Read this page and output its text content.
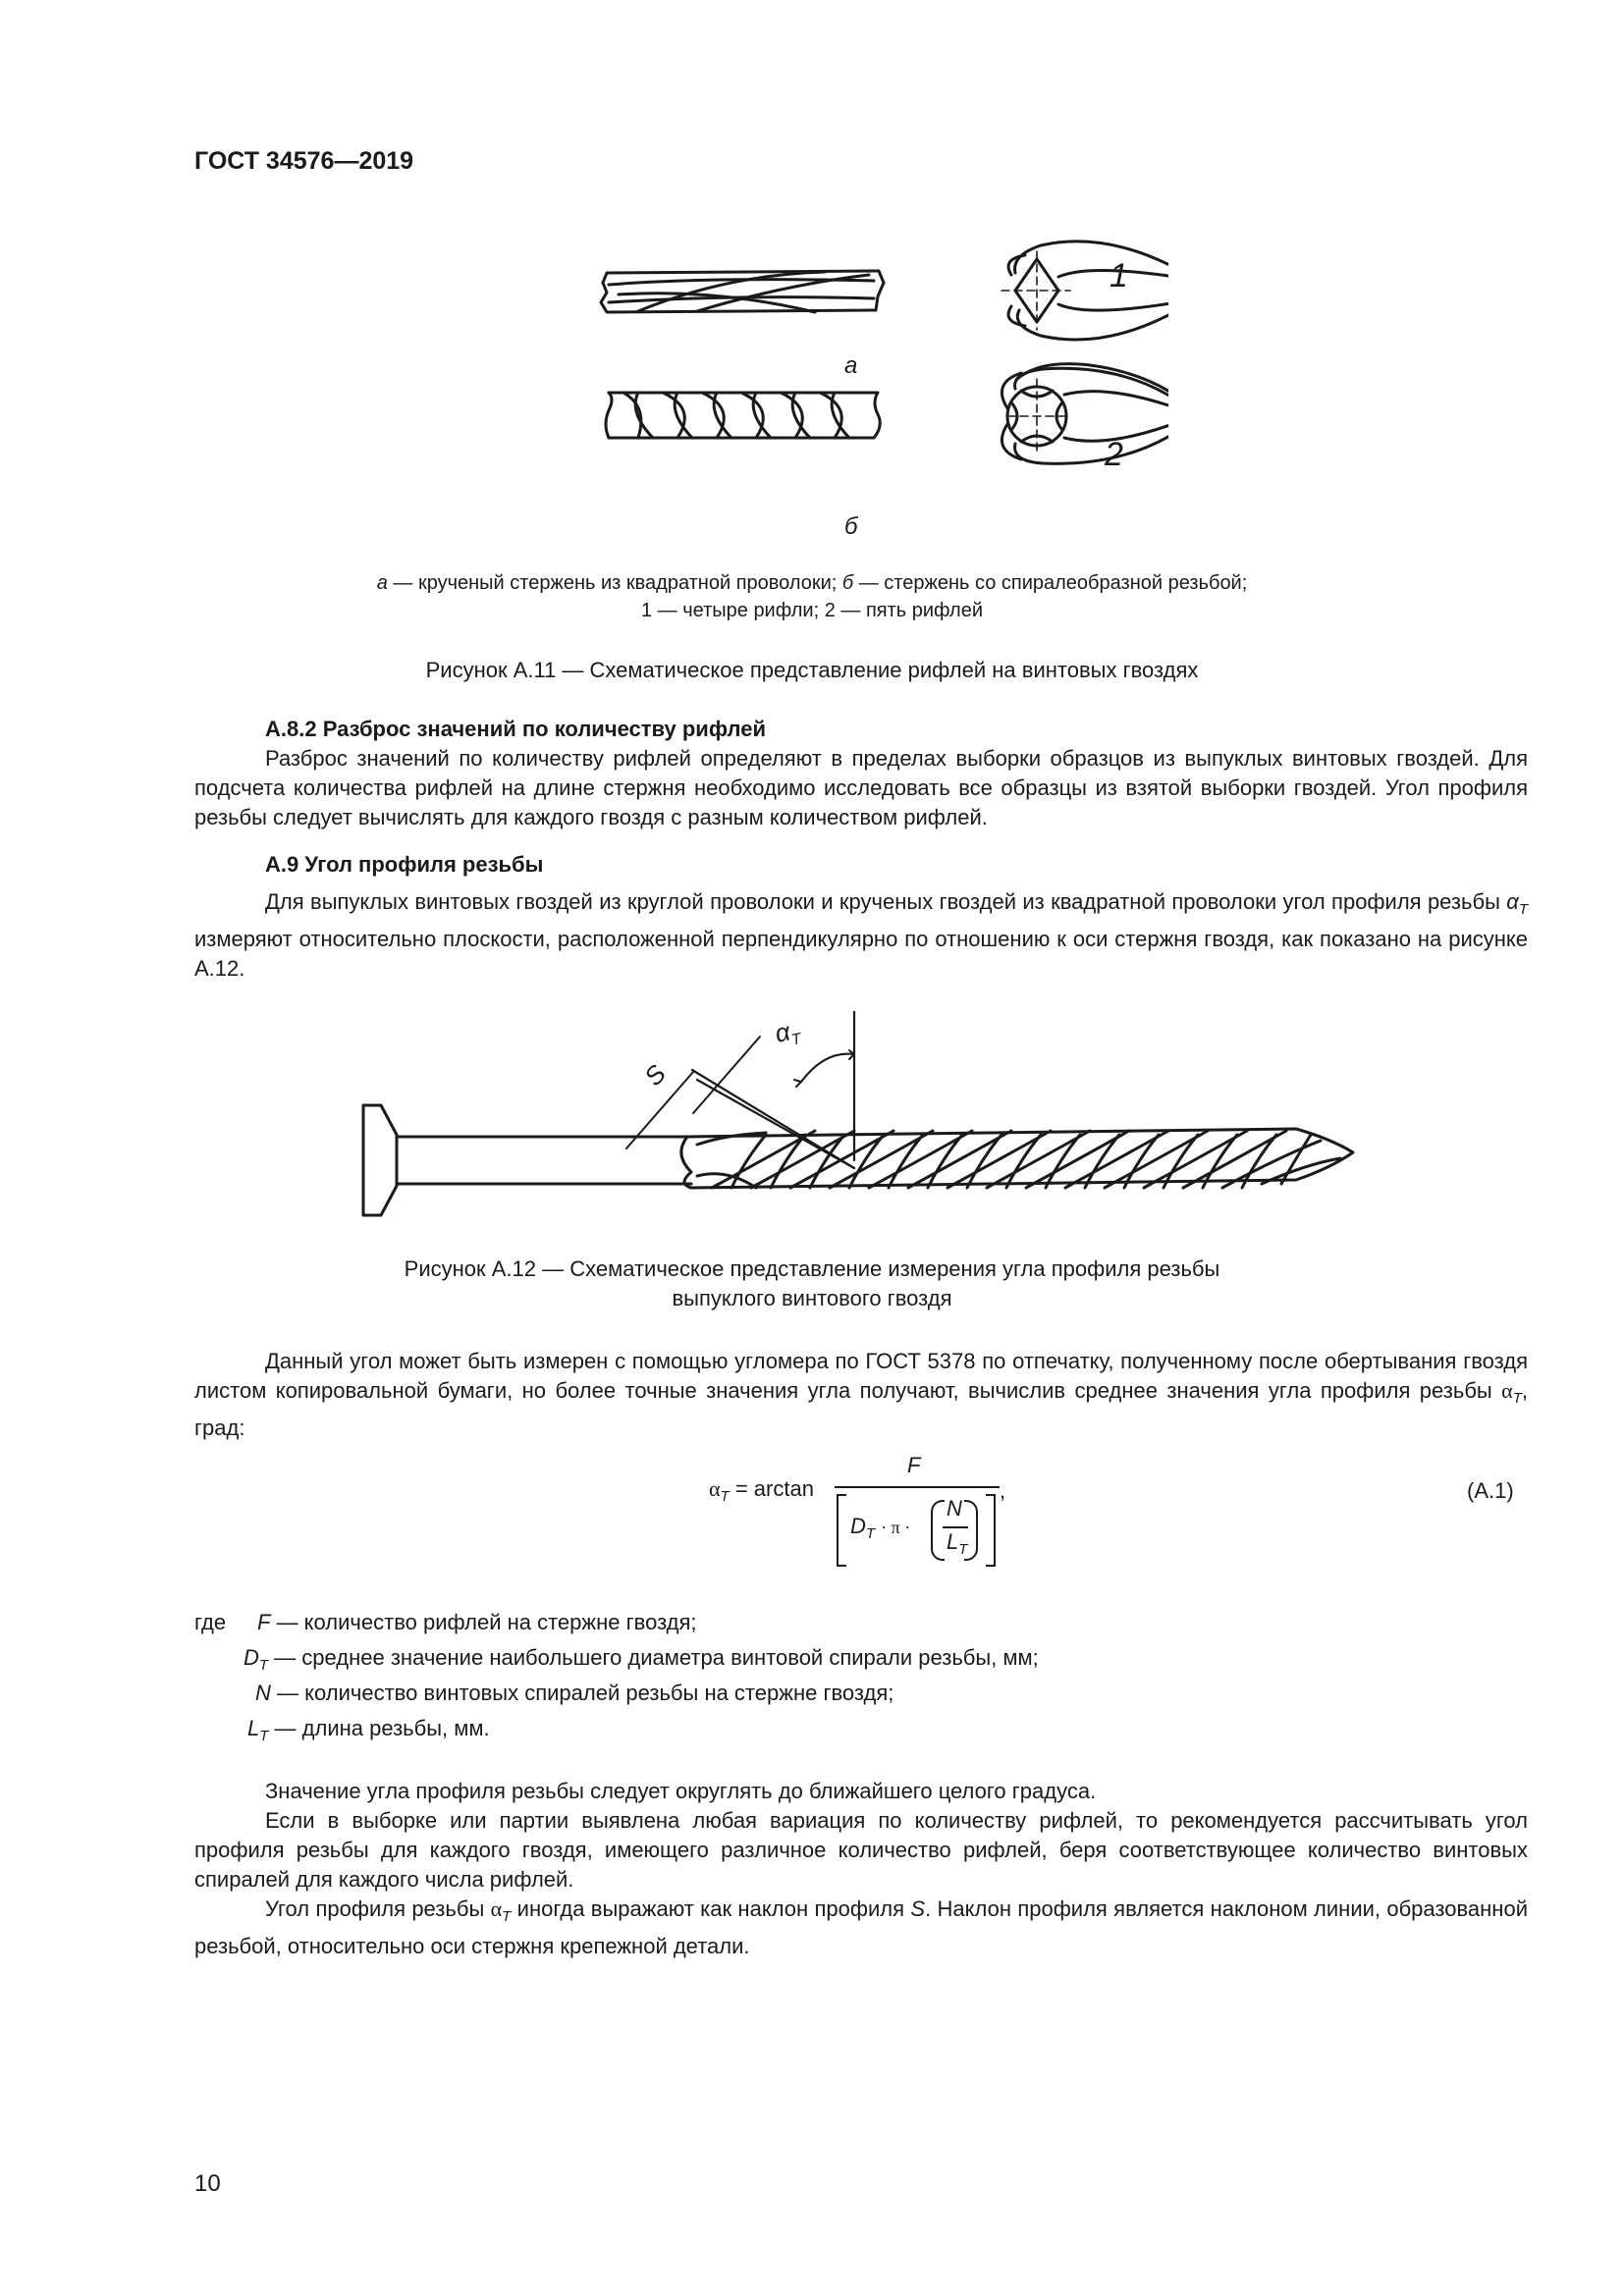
ГОСТ 34576—2019
1
2
а
б
а — крученый стержень из квадратной проволоки; б — стержень со спиралеобразной резьбой;
1 — четыре рифли; 2 — пять рифлей
Рисунок А.11 — Схематическое представление рифлей на винтовых гвоздях
А.8.2 Разброс значений по количеству рифлей
Разброс значений по количеству рифлей определяют в пределах выборки образцов из выпуклых винтовых гвоздей. Для подсчета количества рифлей на длине стержня необходимо исследовать все образцы из взятой выборки гвоздей. Угол профиля резьбы следует вычислять для каждого гвоздя с разным количеством рифлей.
А.9 Угол профиля резьбы
Для выпуклых винтовых гвоздей из круглой проволоки и крученых гвоздей из квадратной проволоки угол профиля резьбы $\alpha_T$ измеряют относительно плоскости, расположенной перпендикулярно по отношению к оси стержня гвоздя, как показано на рисунке А.12.
S
$\alpha_T$
Рисунок А.12 — Схематическое представление измерения угла профиля резьбы
выпуклого винтового гвоздя
Данный угол может быть измерен с помощью угломера по ГОСТ 5378 по отпечатку, полученному после обертывания гвоздя листом копировальной бумаги, но более точные значения угла получают, вычислив среднее значения угла профиля резьбы $\alpha_T$, град:
$\alpha_T = \arctan$
F
$D_T \cdot \pi$ ·
N
$L_T$
,	(А.1)
где F — количество рифлей на стержне гвоздя;
$D_T$ — среднее значение наибольшего диаметра винтовой спирали резьбы, мм;
N — количество винтовых спиралей резьбы на стержне гвоздя;
$L_T$ — длина резьбы, мм.
Значение угла профиля резьбы следует округлять до ближайшего целого градуса.
Если в выборке или партии выявлена любая вариация по количеству рифлей, то рекомендуется рассчитывать угол профиля резьбы для каждого гвоздя, имеющего различное количество рифлей, беря соответствующее количество винтовых спиралей для каждого числа рифлей.
Угол профиля резьбы $\alpha_T$ иногда выражают как наклон профиля S. Наклон профиля является наклоном линии, образованной резьбой, относительно оси стержня крепежной детали.
10
